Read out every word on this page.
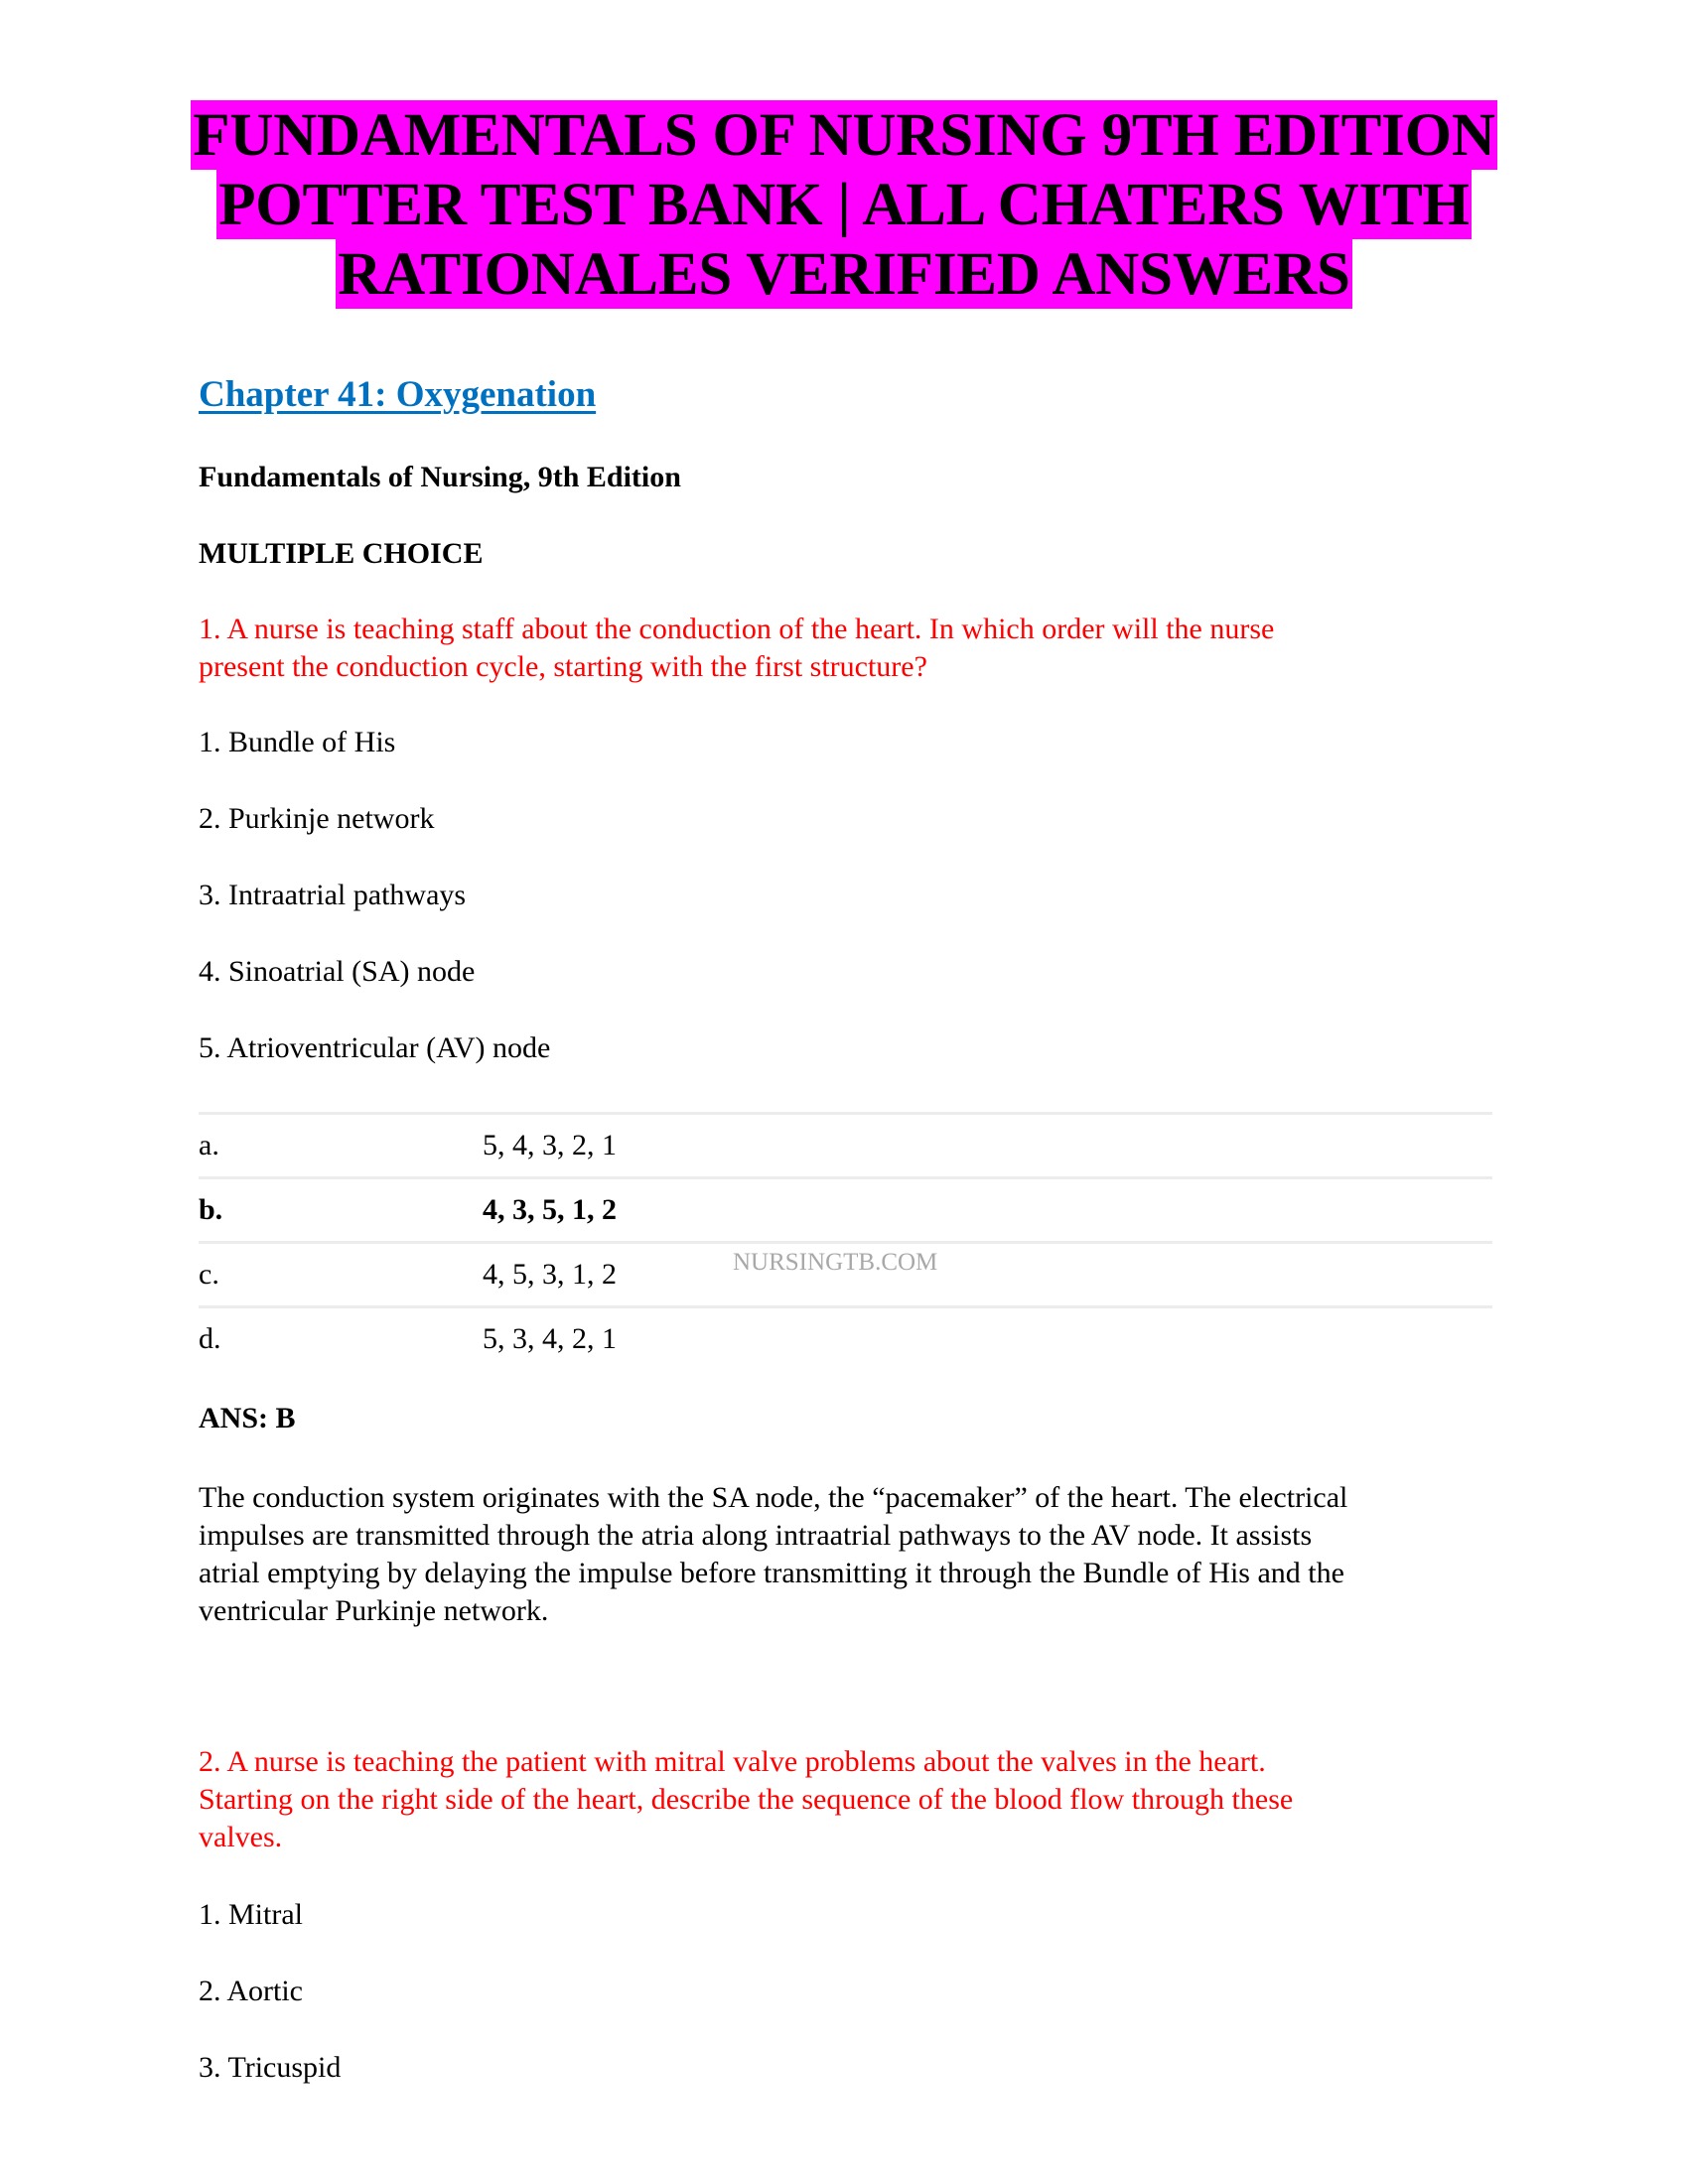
FUNDAMENTALS OF NURSING 9TH EDITION
POTTER TEST BANK | ALL CHATERS WITH
RATIONALES VERIFIED ANSWERS
Chapter 41: Oxygenation
Fundamentals of Nursing, 9th Edition
MULTIPLE CHOICE
1. A nurse is teaching staff about the conduction of the heart. In which order will the nurse
present the conduction cycle, starting with the first structure?
1. Bundle of His
2. Purkinje network
3. Intraatrial pathways
4. Sinoatrial (SA) node
5. Atrioventricular (AV) node
a.	5, 4, 3, 2, 1
b.	4, 3, 5, 1, 2
c.	4, 5, 3, 1, 2
d.	5, 3, 4, 2, 1
NURSINGTB.COM
ANS: B
The conduction system originates with the SA node, the “pacemaker” of the heart. The electrical
impulses are transmitted through the atria along intraatrial pathways to the AV node. It assists
atrial emptying by delaying the impulse before transmitting it through the Bundle of His and the
ventricular Purkinje network.
2. A nurse is teaching the patient with mitral valve problems about the valves in the heart.
Starting on the right side of the heart, describe the sequence of the blood flow through these
valves.
1. Mitral
2. Aortic
3. Tricuspid
